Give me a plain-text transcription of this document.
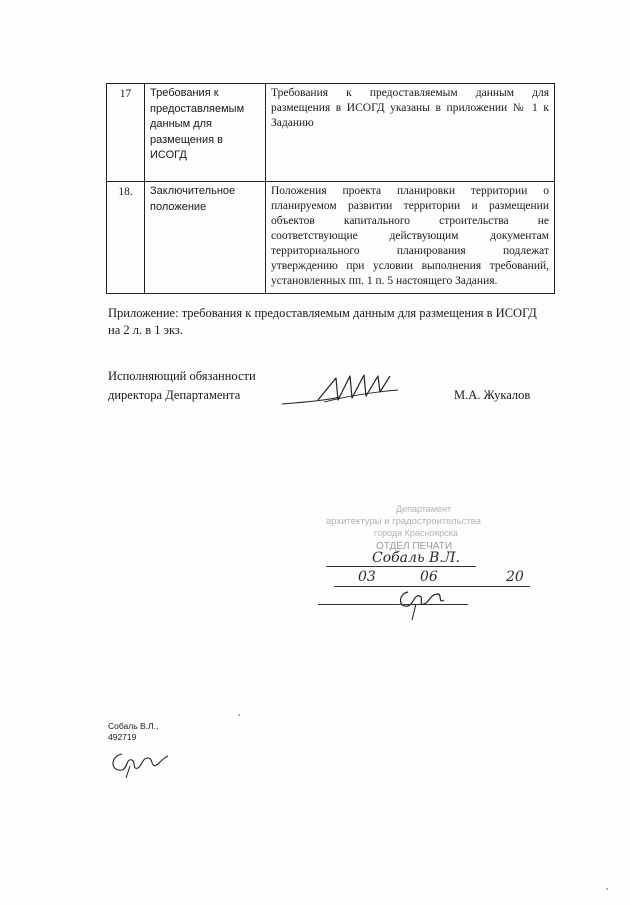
17	Требования к предоставляемым данным для размещения в ИСОГД	Требования к предоставляемым данным для размещения в ИСОГД указаны в приложении № 1 к Заданию
18.	Заключительное положение	Положения проекта планировки территории о планируемом развитии территории и размещении объектов капитального строительства не соответствующие действующим документам территориального планирования подлежат утверждению при условии выполнения требований, установленных пп. 1 п. 5 настоящего Задания.
Приложение: требования к предоставляемым данным для размещения в ИСОГД на 2 л. в 1 экз.
Исполняющий обязанности
директора Департамента	М.А. Жукалов
Департамент
архитектуры и градостроительства
города Красноярска
ОТДЕЛ ПЕЧАТИ
Собаль В.Л.
03	06	20
Собаль В.Л.,
492719
